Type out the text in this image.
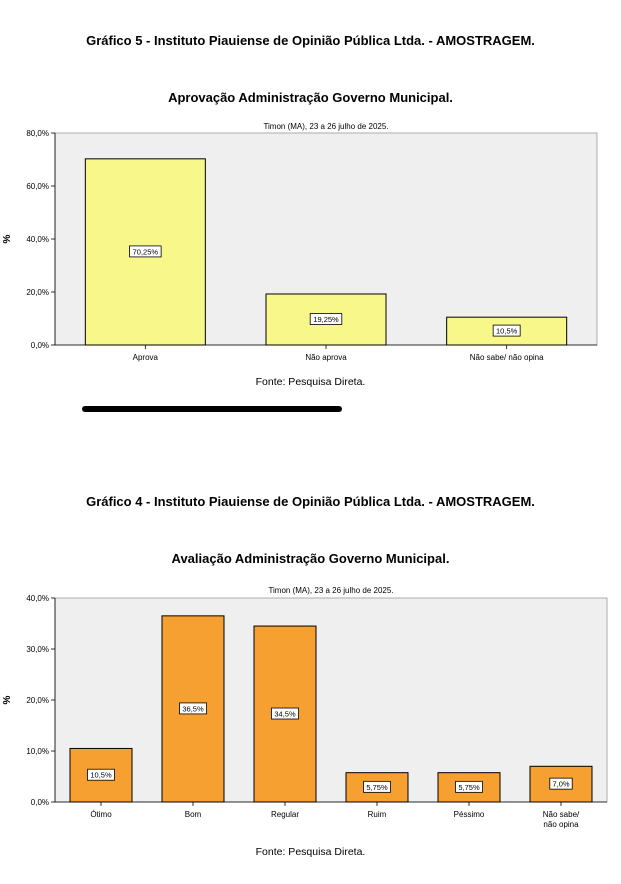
Gráfico 5 - Instituto Piauiense de Opinião Pública Ltda. - AMOSTRAGEM.
Aprovação Administração Governo Municipal.
Timon (MA), 23 a 26 julho de 2025.
0,0%
20,0%
40,0%
60,0%
80,0%
%
70,25%
Aprova
19,25%
Não aprova
10,5%
Não sabe/ não opina
Fonte: Pesquisa Direta.
Gráfico 4 - Instituto Piauiense de Opinião Pública Ltda. - AMOSTRAGEM.
Avaliação Administração Governo Municipal.
Timon (MA), 23 a 26 julho de 2025.
0,0%
10,0%
20,0%
30,0%
40,0%
%
10,5%
Ótimo
36,5%
Bom
34,5%
Regular
5,75%
Ruim
5,75%
Péssimo
7,0%
Não sabe/ não opina
Fonte: Pesquisa Direta.
